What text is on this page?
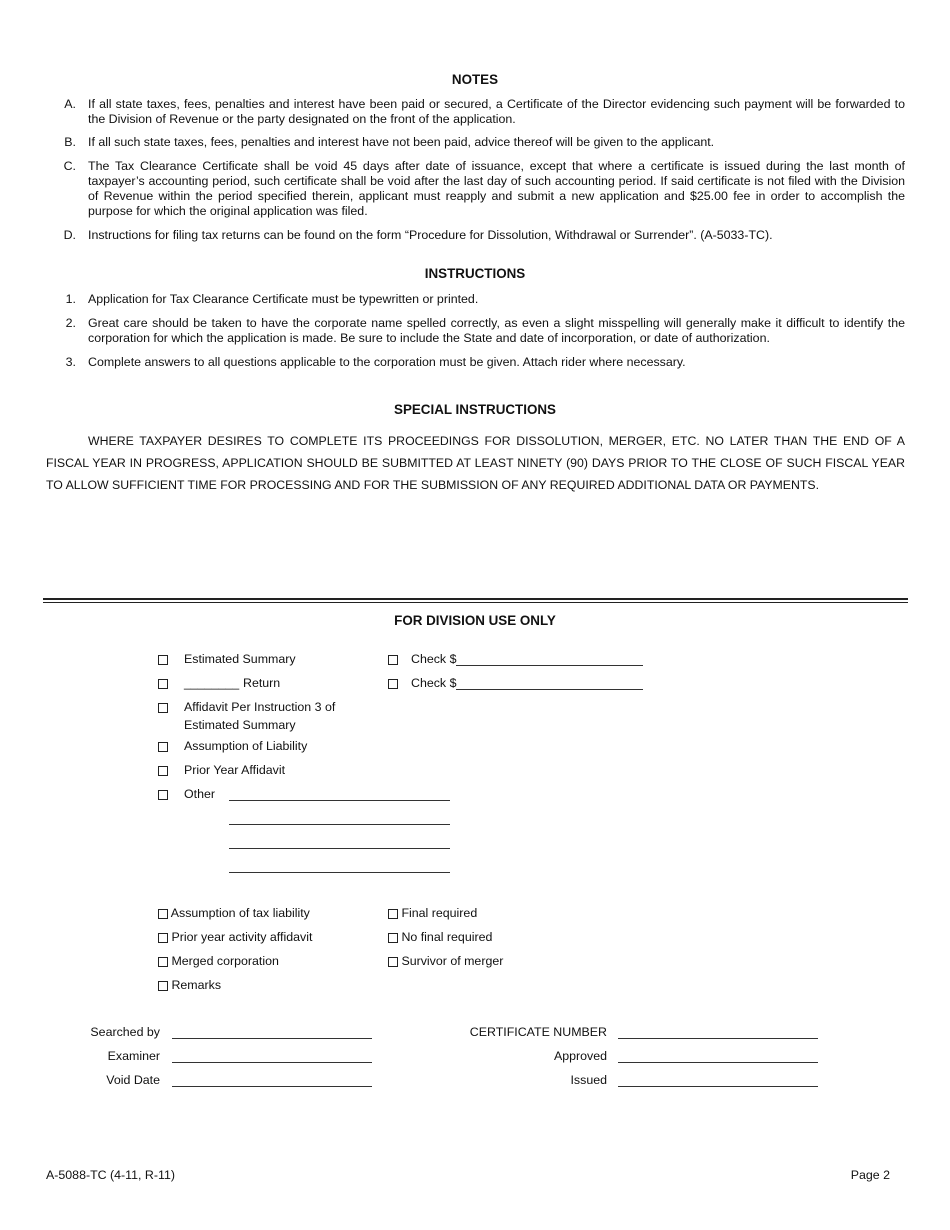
NOTES
A. If all state taxes, fees, penalties and interest have been paid or secured, a Certificate of the Director evidencing such payment will be forwarded to the Division of Revenue or the party designated on the front of the application.
B. If all such state taxes, fees, penalties and interest have not been paid, advice thereof will be given to the applicant.
C. The Tax Clearance Certificate shall be void 45 days after date of issuance, except that where a certificate is issued during the last month of taxpayer’s accounting period, such certificate shall be void after the last day of such accounting period. If said certificate is not filed with the Division of Revenue within the period specified therein, applicant must reapply and submit a new application and $25.00 fee in order to accomplish the purpose for which the original application was filed.
D. Instructions for filing tax returns can be found on the form “Procedure for Dissolution, Withdrawal or Surrender”. (A-5033-TC).
INSTRUCTIONS
1. Application for Tax Clearance Certificate must be typewritten or printed.
2. Great care should be taken to have the corporate name spelled correctly, as even a slight misspelling will generally make it difficult to identify the corporation for which the application is made. Be sure to include the State and date of incorporation, or date of authorization.
3. Complete answers to all questions applicable to the corporation must be given. Attach rider where necessary.
SPECIAL INSTRUCTIONS
WHERE TAXPAYER DESIRES TO COMPLETE ITS PROCEEDINGS FOR DISSOLUTION, MERGER, ETC. NO LATER THAN THE END OF A FISCAL YEAR IN PROGRESS, APPLICATION SHOULD BE SUBMITTED AT LEAST NINETY (90) DAYS PRIOR TO THE CLOSE OF SUCH FISCAL YEAR TO ALLOW SUFFICIENT TIME FOR PROCESSING AND FOR THE SUBMISSION OF ANY REQUIRED ADDITIONAL DATA OR PAYMENTS.
FOR DIVISION USE ONLY
Estimated Summary
________ Return
Affidavit Per Instruction 3 of
Estimated Summary
Assumption of Liability
Prior Year Affidavit
Other
Check $
Check $
Assumption of tax liability
Prior year activity affidavit
Merged corporation
Remarks
Final required
No final required
Survivor of merger
Searched by
Examiner
Void Date
CERTIFICATE NUMBER
Approved
Issued
A-5088-TC (4-11, R-11)	Page 2
